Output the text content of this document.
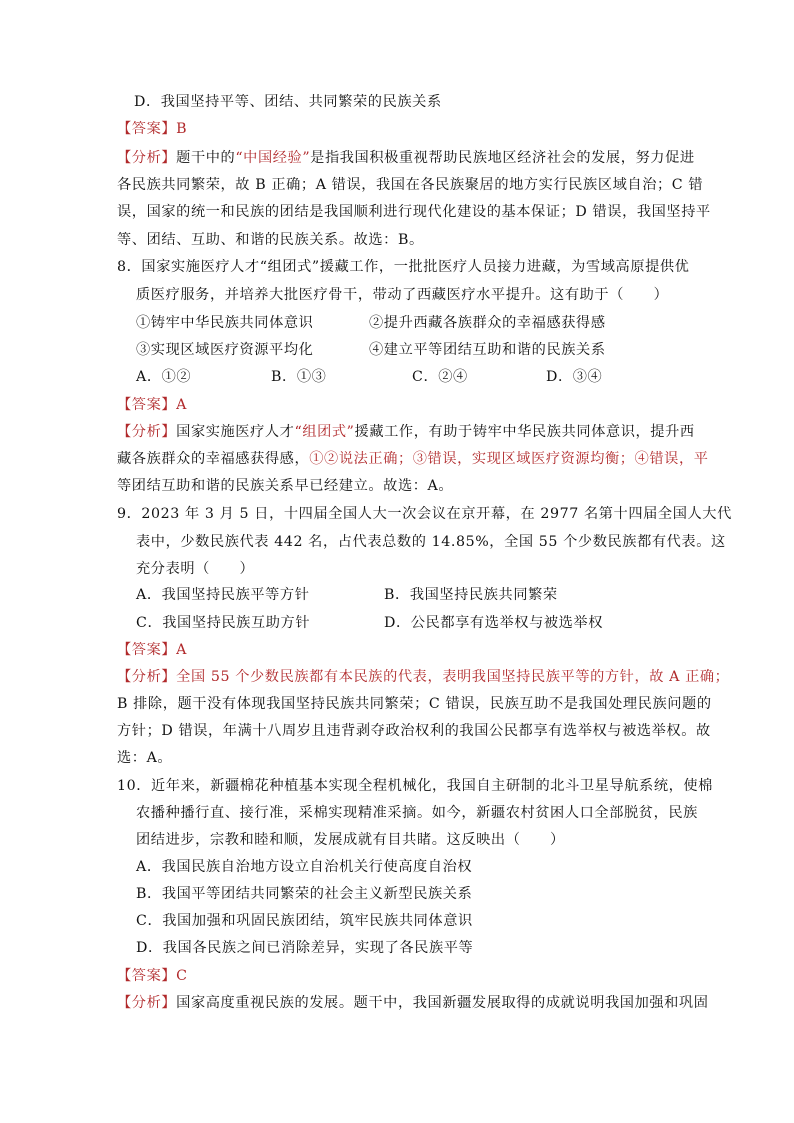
D．我国坚持平等、团结、共同繁荣的民族关系
【答案】B
【分析】题干中的“中国经验”是指我国积极重视帮助民族地区经济社会的发展，努力促进
各民族共同繁荣，故 B 正确；A 错误，我国在各民族聚居的地方实行民族区域自治；C 错
误，国家的统一和民族的团结是我国顺利进行现代化建设的基本保证；D 错误，我国坚持平
等、团结、互助、和谐的民族关系。故选：B。
8．国家实施医疗人才“组团式”援藏工作，一批批医疗人员接力进藏，为雪域高原提供优
质医疗服务，并培养大批医疗骨干，带动了西藏医疗水平提升。这有助于（　　）
①铸牢中华民族共同体意识	②提升西藏各族群众的幸福感获得感
③实现区域医疗资源平均化	④建立平等团结互助和谐的民族关系
A．①②	B．①③	C．②④	D．③④
【答案】A
【分析】国家实施医疗人才“组团式”援藏工作，有助于铸牢中华民族共同体意识，提升西
藏各族群众的幸福感获得感，①②说法正确；③错误，实现区域医疗资源均衡；④错误，平
等团结互助和谐的民族关系早已经建立。故选：A。
9．2023 年 3 月 5 日，十四届全国人大一次会议在京开幕，在 2977 名第十四届全国人大代
表中，少数民族代表 442 名，占代表总数的 14.85%，全国 55 个少数民族都有代表。这
充分表明（　　）
A．我国坚持民族平等方针	B．我国坚持民族共同繁荣
C．我国坚持民族互助方针	D．公民都享有选举权与被选举权
【答案】A
【分析】全国 55 个少数民族都有本民族的代表，表明我国坚持民族平等的方针，故 A 正确；
B 排除，题干没有体现我国坚持民族共同繁荣；C 错误，民族互助不是我国处理民族问题的
方针；D 错误，年满十八周岁且违背剥夺政治权利的我国公民都享有选举权与被选举权。故
选：A。
10．近年来，新疆棉花种植基本实现全程机械化，我国自主研制的北斗卫星导航系统，使棉
农播种播行直、接行准，采棉实现精准采摘。如今，新疆农村贫困人口全部脱贫，民族
团结进步，宗教和睦和顺，发展成就有目共睹。这反映出（　　）
A．我国民族自治地方设立自治机关行使高度自治权
B．我国平等团结共同繁荣的社会主义新型民族关系
C．我国加强和巩固民族团结，筑牢民族共同体意识
D．我国各民族之间已消除差异，实现了各民族平等
【答案】C
【分析】国家高度重视民族的发展。题干中，我国新疆发展取得的成就说明我国加强和巩固
